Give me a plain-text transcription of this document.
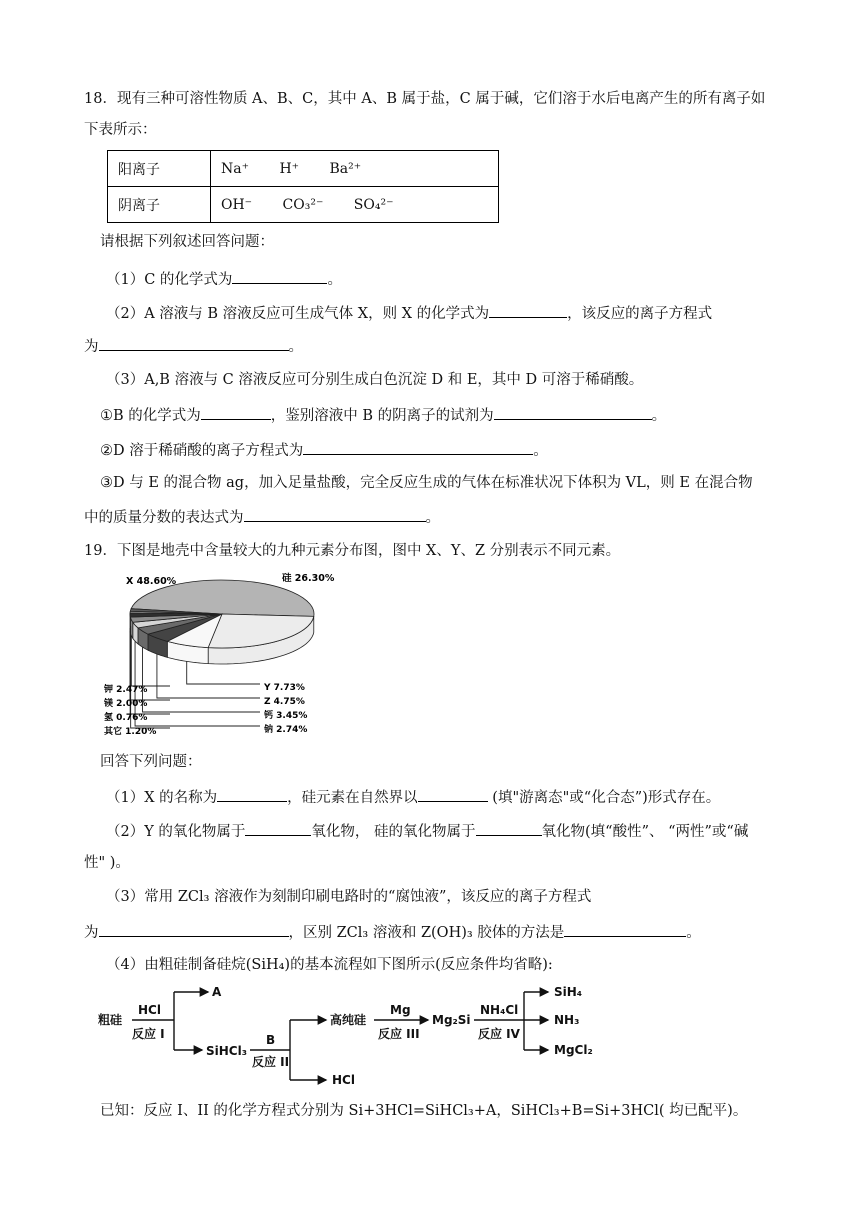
18．现有三种可溶性物质 A、B、C，其中 A、B 属于盐，C 属于碱，它们溶于水后电离产生的所有离子如
下表所示：
阳离子	Na⁺ H⁺ Ba²⁺
阴离子	OH⁻ CO₃²⁻ SO₄²⁻
请根据下列叙述回答问题：
（1）C 的化学式为	。
（2）A 溶液与 B 溶液反应可生成气体 X，则 X 的化学式为	，该反应的离子方程式
为	。
（3）A,B 溶液与 C 溶液反应可分别生成白色沉淀 D 和 E，其中 D 可溶于稀硝酸。
①B 的化学式为	，鉴别溶液中 B 的阴离子的试剂为	。
②D 溶于稀硝酸的离子方程式为	。
③D 与 E 的混合物 ag，加入足量盐酸，完全反应生成的气体在标准状况下体积为 VL，则 E 在混合物
中的质量分数的表达式为	。
19．下图是地壳中含量较大的九种元素分布图，图中 X、Y、Z 分别表示不同元素。
X 48.60%	硅 26.30%
Y 7.73%
Z 4.75%
钙 3.45%
钠 2.74%
钾 2.47%
镁 2.00%
氢 0.76%
其它 1.20%
回答下列问题：
（1）X 的名称为	，硅元素在自然界以	(填"游离态"或“化合态”)形式存在。
（2）Y 的氧化物属于	氧化物， 硅的氧化物属于	氧化物(填“酸性”、 “两性”或“碱
性" )。
（3）常用 ZCl₃ 溶液作为刻制印刷电路时的“腐蚀液”，该反应的离子方程式
为	，区别 ZCl₃ 溶液和 Z(OH)₃ 胶体的方法是	。
（4）由粗硅制备硅烷(SiH₄)的基本流程如下图所示(反应条件均省略):
粗硅
HCl
反应 I
A
SiHCl₃
B
反应 II
高纯硅
HCl
Mg
反应 III
Mg₂Si
NH₄Cl
反应 IV
SiH₄
NH₃
MgCl₂
已知：反应 I、II 的化学方程式分别为 Si+3HCl=SiHCl₃+A，SiHCl₃+B=Si+3HCl( 均已配平)。
